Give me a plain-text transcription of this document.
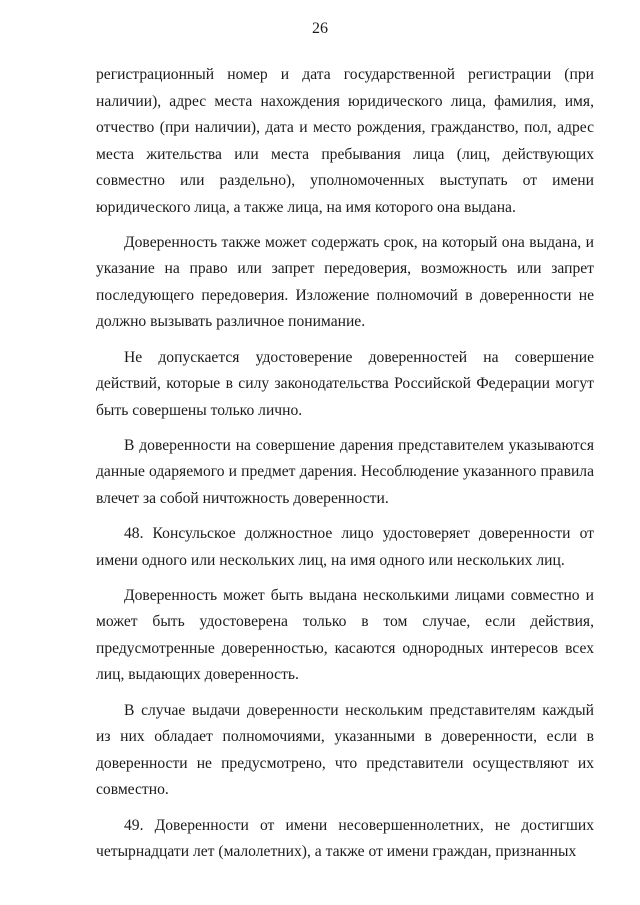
26

регистрационный номер и дата государственной регистрации (при наличии), адрес места нахождения юридического лица, фамилия, имя, отчество (при наличии), дата и место рождения, гражданство, пол, адрес места жительства или места пребывания лица (лиц, действующих совместно или раздельно), уполномоченных выступать от имени юридического лица, а также лица, на имя которого она выдана.

Доверенность также может содержать срок, на который она выдана, и указание на право или запрет передоверия, возможность или запрет последующего передоверия. Изложение полномочий в доверенности не должно вызывать различное понимание.

Не допускается удостоверение доверенностей на совершение действий, которые в силу законодательства Российской Федерации могут быть совершены только лично.

В доверенности на совершение дарения представителем указываются данные одаряемого и предмет дарения. Несоблюдение указанного правила влечет за собой ничтожность доверенности.

48. Консульское должностное лицо удостоверяет доверенности от имени одного или нескольких лиц, на имя одного или нескольких лиц.

Доверенность может быть выдана несколькими лицами совместно и может быть удостоверена только в том случае, если действия, предусмотренные доверенностью, касаются однородных интересов всех лиц, выдающих доверенность.

В случае выдачи доверенности нескольким представителям каждый из них обладает полномочиями, указанными в доверенности, если в доверенности не предусмотрено, что представители осуществляют их совместно.

49. Доверенности от имени несовершеннолетних, не достигших четырнадцати лет (малолетних), а также от имени граждан, признанных
